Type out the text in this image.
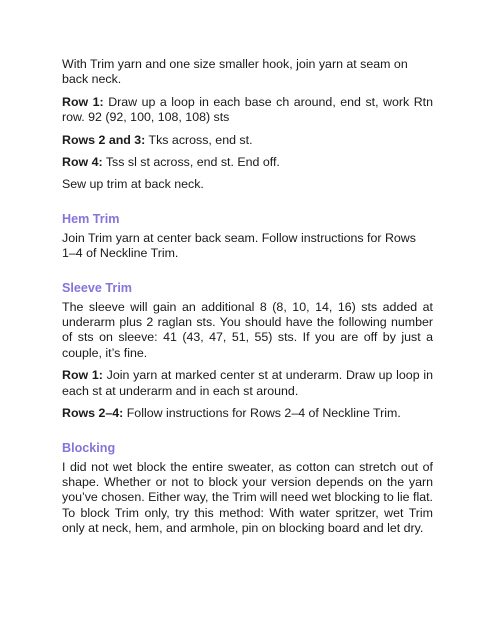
With Trim yarn and one size smaller hook, join yarn at seam on back neck.

Row 1: Draw up a loop in each base ch around, end st, work Rtn row. 92 (92, 100, 108, 108) sts

Rows 2 and 3: Tks across, end st.

Row 4: Tss sl st across, end st. End off.

Sew up trim at back neck.

Hem Trim

Join Trim yarn at center back seam. Follow instructions for Rows 1–4 of Neckline Trim.

Sleeve Trim

The sleeve will gain an additional 8 (8, 10, 14, 16) sts added at underarm plus 2 raglan sts. You should have the following number of sts on sleeve: 41 (43, 47, 51, 55) sts. If you are off by just a couple, it’s fine.

Row 1: Join yarn at marked center st at underarm. Draw up loop in each st at underarm and in each st around.

Rows 2–4: Follow instructions for Rows 2–4 of Neckline Trim.

Blocking

I did not wet block the entire sweater, as cotton can stretch out of shape. Whether or not to block your version depends on the yarn you’ve chosen. Either way, the Trim will need wet blocking to lie flat. To block Trim only, try this method: With water spritzer, wet Trim only at neck, hem, and armhole, pin on blocking board and let dry.
